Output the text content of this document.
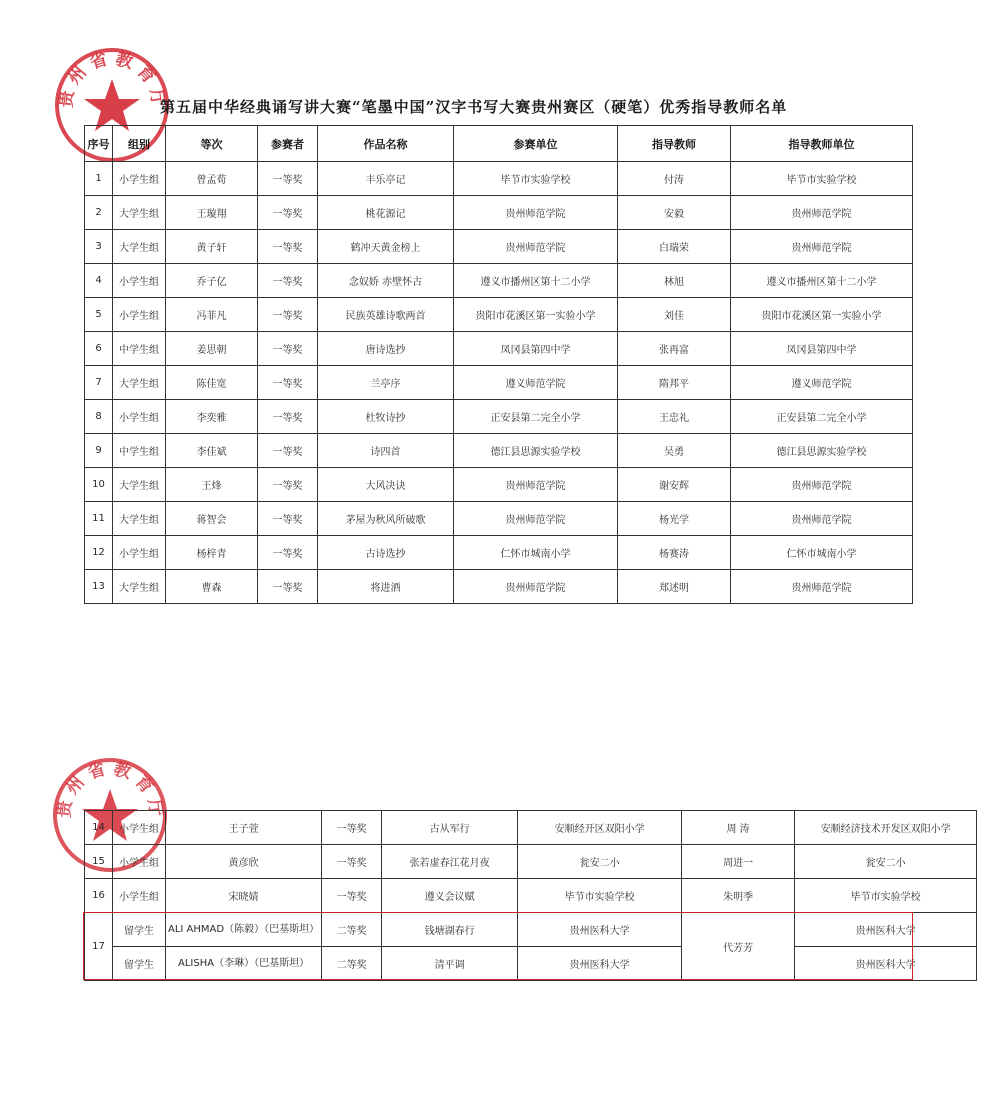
贵 州 省 教 育 厅
第五届中华经典诵写讲大赛“笔墨中国”汉字书写大赛贵州赛区（硬笔）优秀指导教师名单
序号	组别	等次	参赛者	作品名称	参赛单位	指导教师	指导教师单位
1	小学生组	曾孟荀	一等奖	丰乐亭记	毕节市实验学校	付涛	毕节市实验学校
2	大学生组	王璇翔	一等奖	桃花源记	贵州师范学院	安毅	贵州师范学院
3	大学生组	黄子轩	一等奖	鹤冲天黄金榜上	贵州师范学院	白瑞荣	贵州师范学院
4	小学生组	乔子亿	一等奖	念奴娇 赤壁怀古	遵义市播州区第十二小学	林旭	遵义市播州区第十二小学
5	小学生组	冯菲凡	一等奖	民族英雄诗歌两首	贵阳市花溪区第一实验小学	刘佳	贵阳市花溪区第一实验小学
6	中学生组	姜思朝	一等奖	唐诗选抄	凤冈县第四中学	张再富	凤冈县第四中学
7	大学生组	陈佳宽	一等奖	兰亭序	遵义师范学院	隋邦平	遵义师范学院
8	小学生组	李奕雅	一等奖	杜牧诗抄	正安县第二完全小学	王忠礼	正安县第二完全小学
9	中学生组	李佳斌	一等奖	诗四首	德江县思源实验学校	吴勇	德江县思源实验学校
10	大学生组	王烽	一等奖	大风决诀	贵州师范学院	谢安辉	贵州师范学院
11	大学生组	蒋智会	一等奖	茅屋为秋风所破歌	贵州师范学院	杨光学	贵州师范学院
12	小学生组	杨梓青	一等奖	古诗选抄	仁怀市城南小学	杨赛涛	仁怀市城南小学
13	大学生组	曹森	一等奖	将进酒	贵州师范学院	郑述明	贵州师范学院
贵 州 省 教 育 厅
14	小学生组	王子萱	一等奖	古从军行	安顺经开区双阳小学	周 涛	安顺经济技术开发区双阳小学
15	小学生组	黄彦欣	一等奖	张若虚春江花月夜	瓮安二小	周进一	瓮安二小
16	小学生组	宋晓婧	一等奖	遵义会议赋	毕节市实验学校	朱明季	毕节市实验学校
17	留学生	ALI AHMAD（陈毅）（巴基斯坦）	二等奖	钱塘湖春行	贵州医科大学	代芳芳	贵州医科大学
	留学生	ALISHA（李琳）（巴基斯坦）	二等奖	清平调	贵州医科大学		贵州医科大学
